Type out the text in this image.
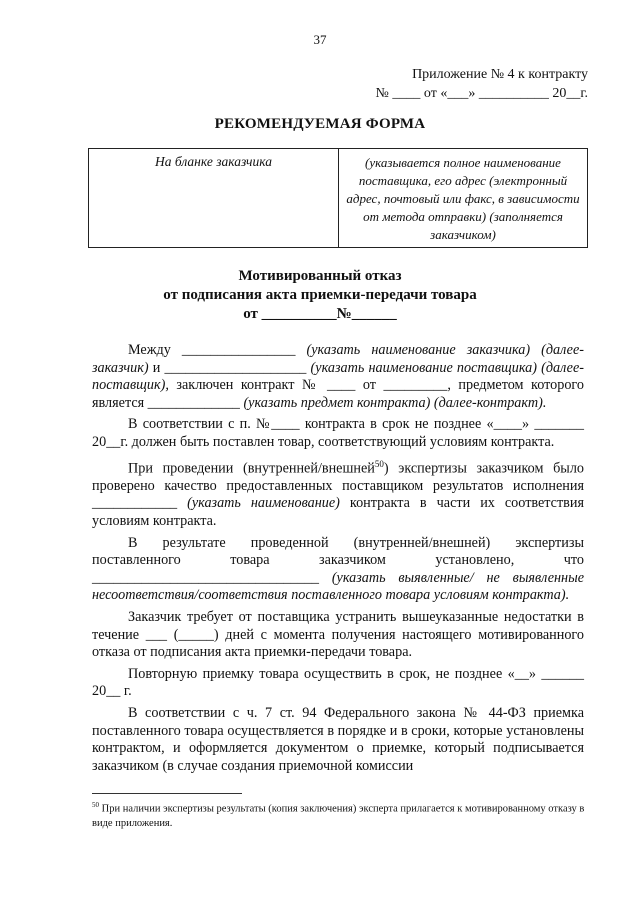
37
Приложение № 4 к контракту
№ ____ от «___» __________ 20__г.
РЕКОМЕНДУЕМАЯ ФОРМА
На бланке заказчика	(указывается полное наименование поставщика, его адрес (электронный адрес, почтовый или факс, в зависимости от метода отправки) (заполняется заказчиком)
Мотивированный отказ
от подписания акта приемки-передачи товара
от __________№______

Между ________________ (указать наименование заказчика) (далее-заказчик) и ____________________ (указать наименование поставщика) (далее-поставщик), заключен контракт № ____ от _________, предметом которого является _____________ (указать предмет контракта) (далее-контракт).

В соответствии с п. №____ контракта в срок не позднее «____» _______ 20__г. должен быть поставлен товар, соответствующий условиям контракта.

При проведении (внутренней/внешней$^{50}$) экспертизы заказчиком было проверено качество предоставленных поставщиком результатов исполнения ____________ (указать наименование) контракта в части их соответствия условиям контракта.

В результате проведенной (внутренней/внешней) экспертизы поставленного товара заказчиком установлено, что ________________________________ (указать выявленные/ не выявленные несоответствия/соответствия поставленного товара условиям контракта).

Заказчик требует от поставщика устранить вышеуказанные недостатки в течение ___ (_____) дней с момента получения настоящего мотивированного отказа от подписания акта приемки-передачи товара.

Повторную приемку товара осуществить в срок, не позднее «__» ______ 20__ г.

В соответствии с ч. 7 ст. 94 Федерального закона № 44-ФЗ приемка поставленного товара осуществляется в порядке и в сроки, которые установлены контрактом, и оформляется документом о приемке, который подписывается заказчиком (в случае создания приемочной комиссии

$^{50}$ При наличии экспертизы результаты (копия заключения) эксперта прилагается к мотивированному отказу в виде приложения.
